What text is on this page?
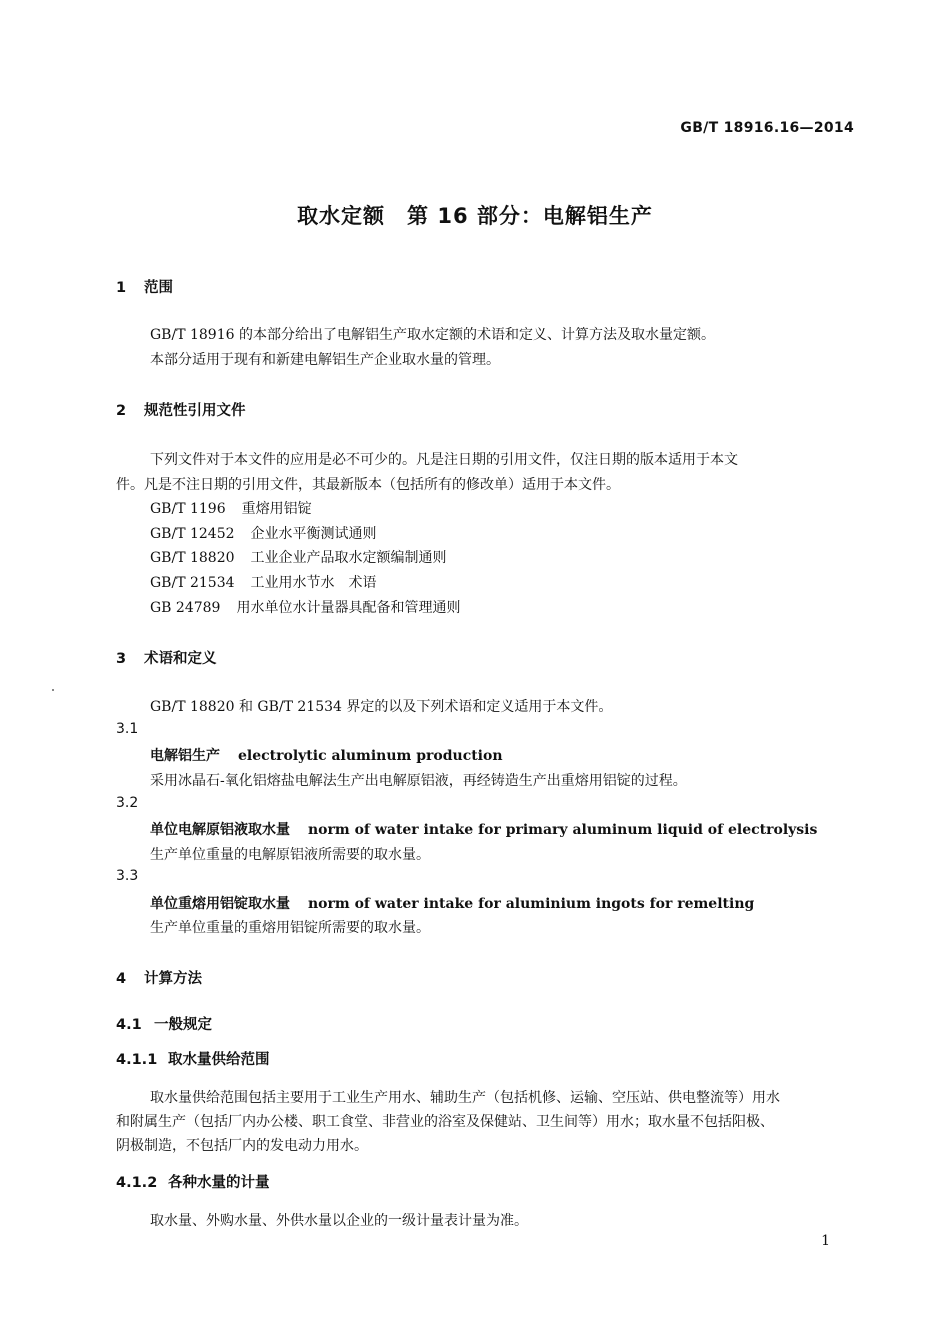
GB/T 18916.16—2014
取水定额　第 16 部分：电解铝生产
1 范围
GB/T 18916 的本部分给出了电解铝生产取水定额的术语和定义、计算方法及取水量定额。
本部分适用于现有和新建电解铝生产企业取水量的管理。
2 规范性引用文件
下列文件对于本文件的应用是必不可少的。凡是注日期的引用文件，仅注日期的版本适用于本文
件。凡是不注日期的引用文件，其最新版本（包括所有的修改单）适用于本文件。
GB/T 1196 重熔用铝锭
GB/T 12452 企业水平衡测试通则
GB/T 18820 工业企业产品取水定额编制通则
GB/T 21534 工业用水节水　术语
GB 24789 用水单位水计量器具配备和管理通则
3 术语和定义
GB/T 18820 和 GB/T 21534 界定的以及下列术语和定义适用于本文件。
3.1
电解铝生产 electrolytic aluminum production
采用冰晶石-氧化铝熔盐电解法生产出电解原铝液，再经铸造生产出重熔用铝锭的过程。
3.2
单位电解原铝液取水量 norm of water intake for primary aluminum liquid of electrolysis
生产单位重量的电解原铝液所需要的取水量。
3.3
单位重熔用铝锭取水量 norm of water intake for aluminium ingots for remelting
生产单位重量的重熔用铝锭所需要的取水量。
4 计算方法
4.1 一般规定
4.1.1 取水量供给范围
取水量供给范围包括主要用于工业生产用水、辅助生产（包括机修、运输、空压站、供电整流等）用水
和附属生产（包括厂内办公楼、职工食堂、非营业的浴室及保健站、卫生间等）用水；取水量不包括阳极、
阴极制造，不包括厂内的发电动力用水。
4.1.2 各种水量的计量
取水量、外购水量、外供水量以企业的一级计量表计量为准。
1
